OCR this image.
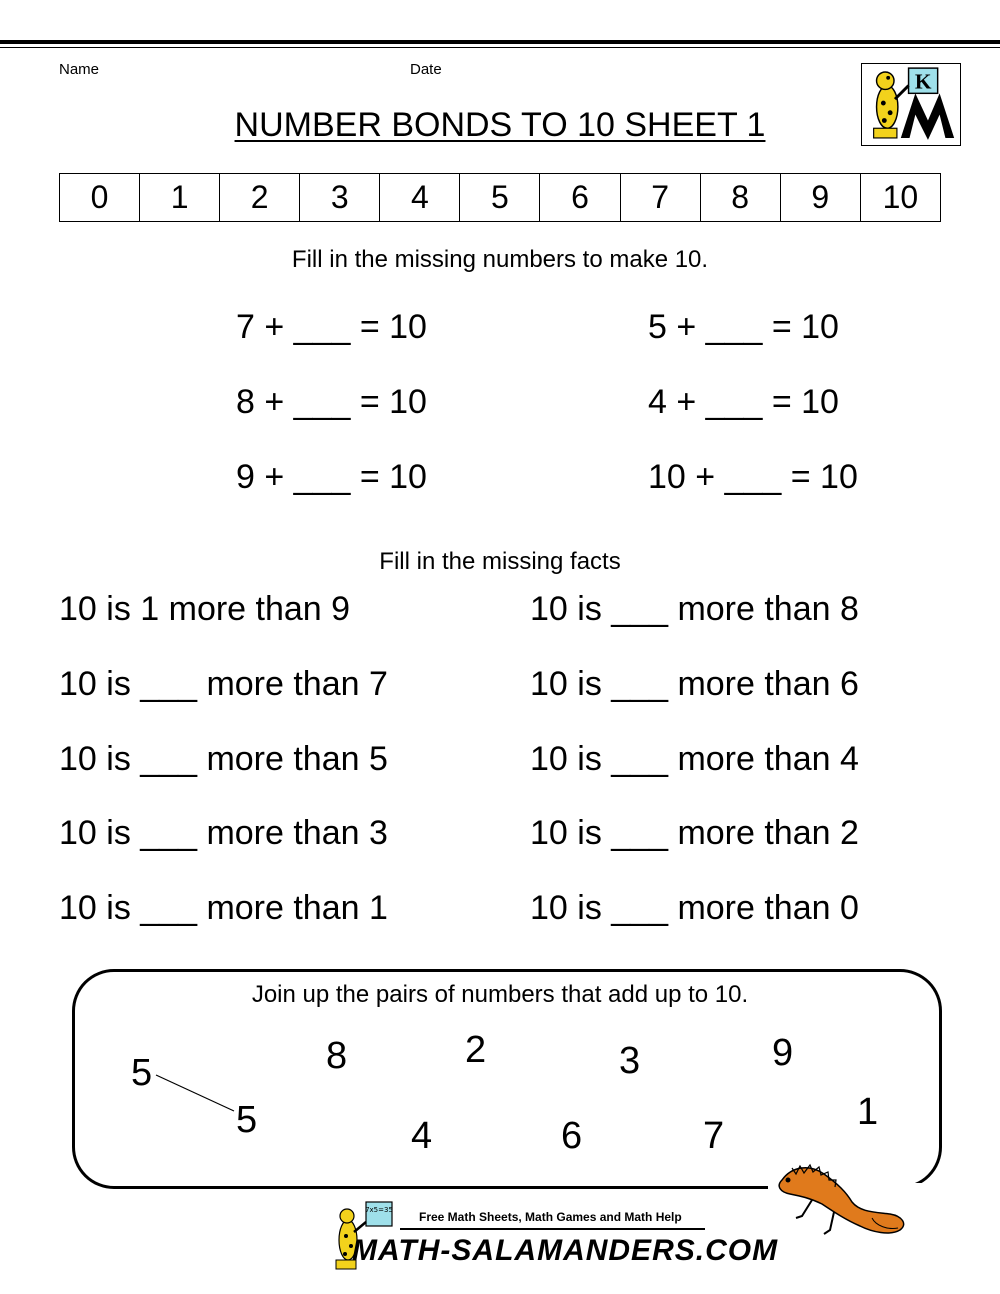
Name	Date
NUMBER BONDS TO 10 SHEET 1
K
0	1	2	3	4	5	6	7	8	9	10
Fill in the missing numbers to make 10.
7 + ___ = 10	5 + ___ = 10
8 + ___ = 10	4 + ___ = 10
9 + ___ = 10	10 + ___ = 10
Fill in the missing facts
10 is 1 more than 9	10 is ___ more than 8
10 is ___ more than 7	10 is ___ more than 6
10 is ___ more than 5	10 is ___ more than 4
10 is ___ more than 3	10 is ___ more than 2
10 is ___ more than 1	10 is ___ more than 0
Join up the pairs of numbers that add up to 10.
5
5
8
4
2
6
3
7
9
1
7x5=35 Free Math Sheets, Math Games and Math Help
MATH-SALAMANDERS.COM
